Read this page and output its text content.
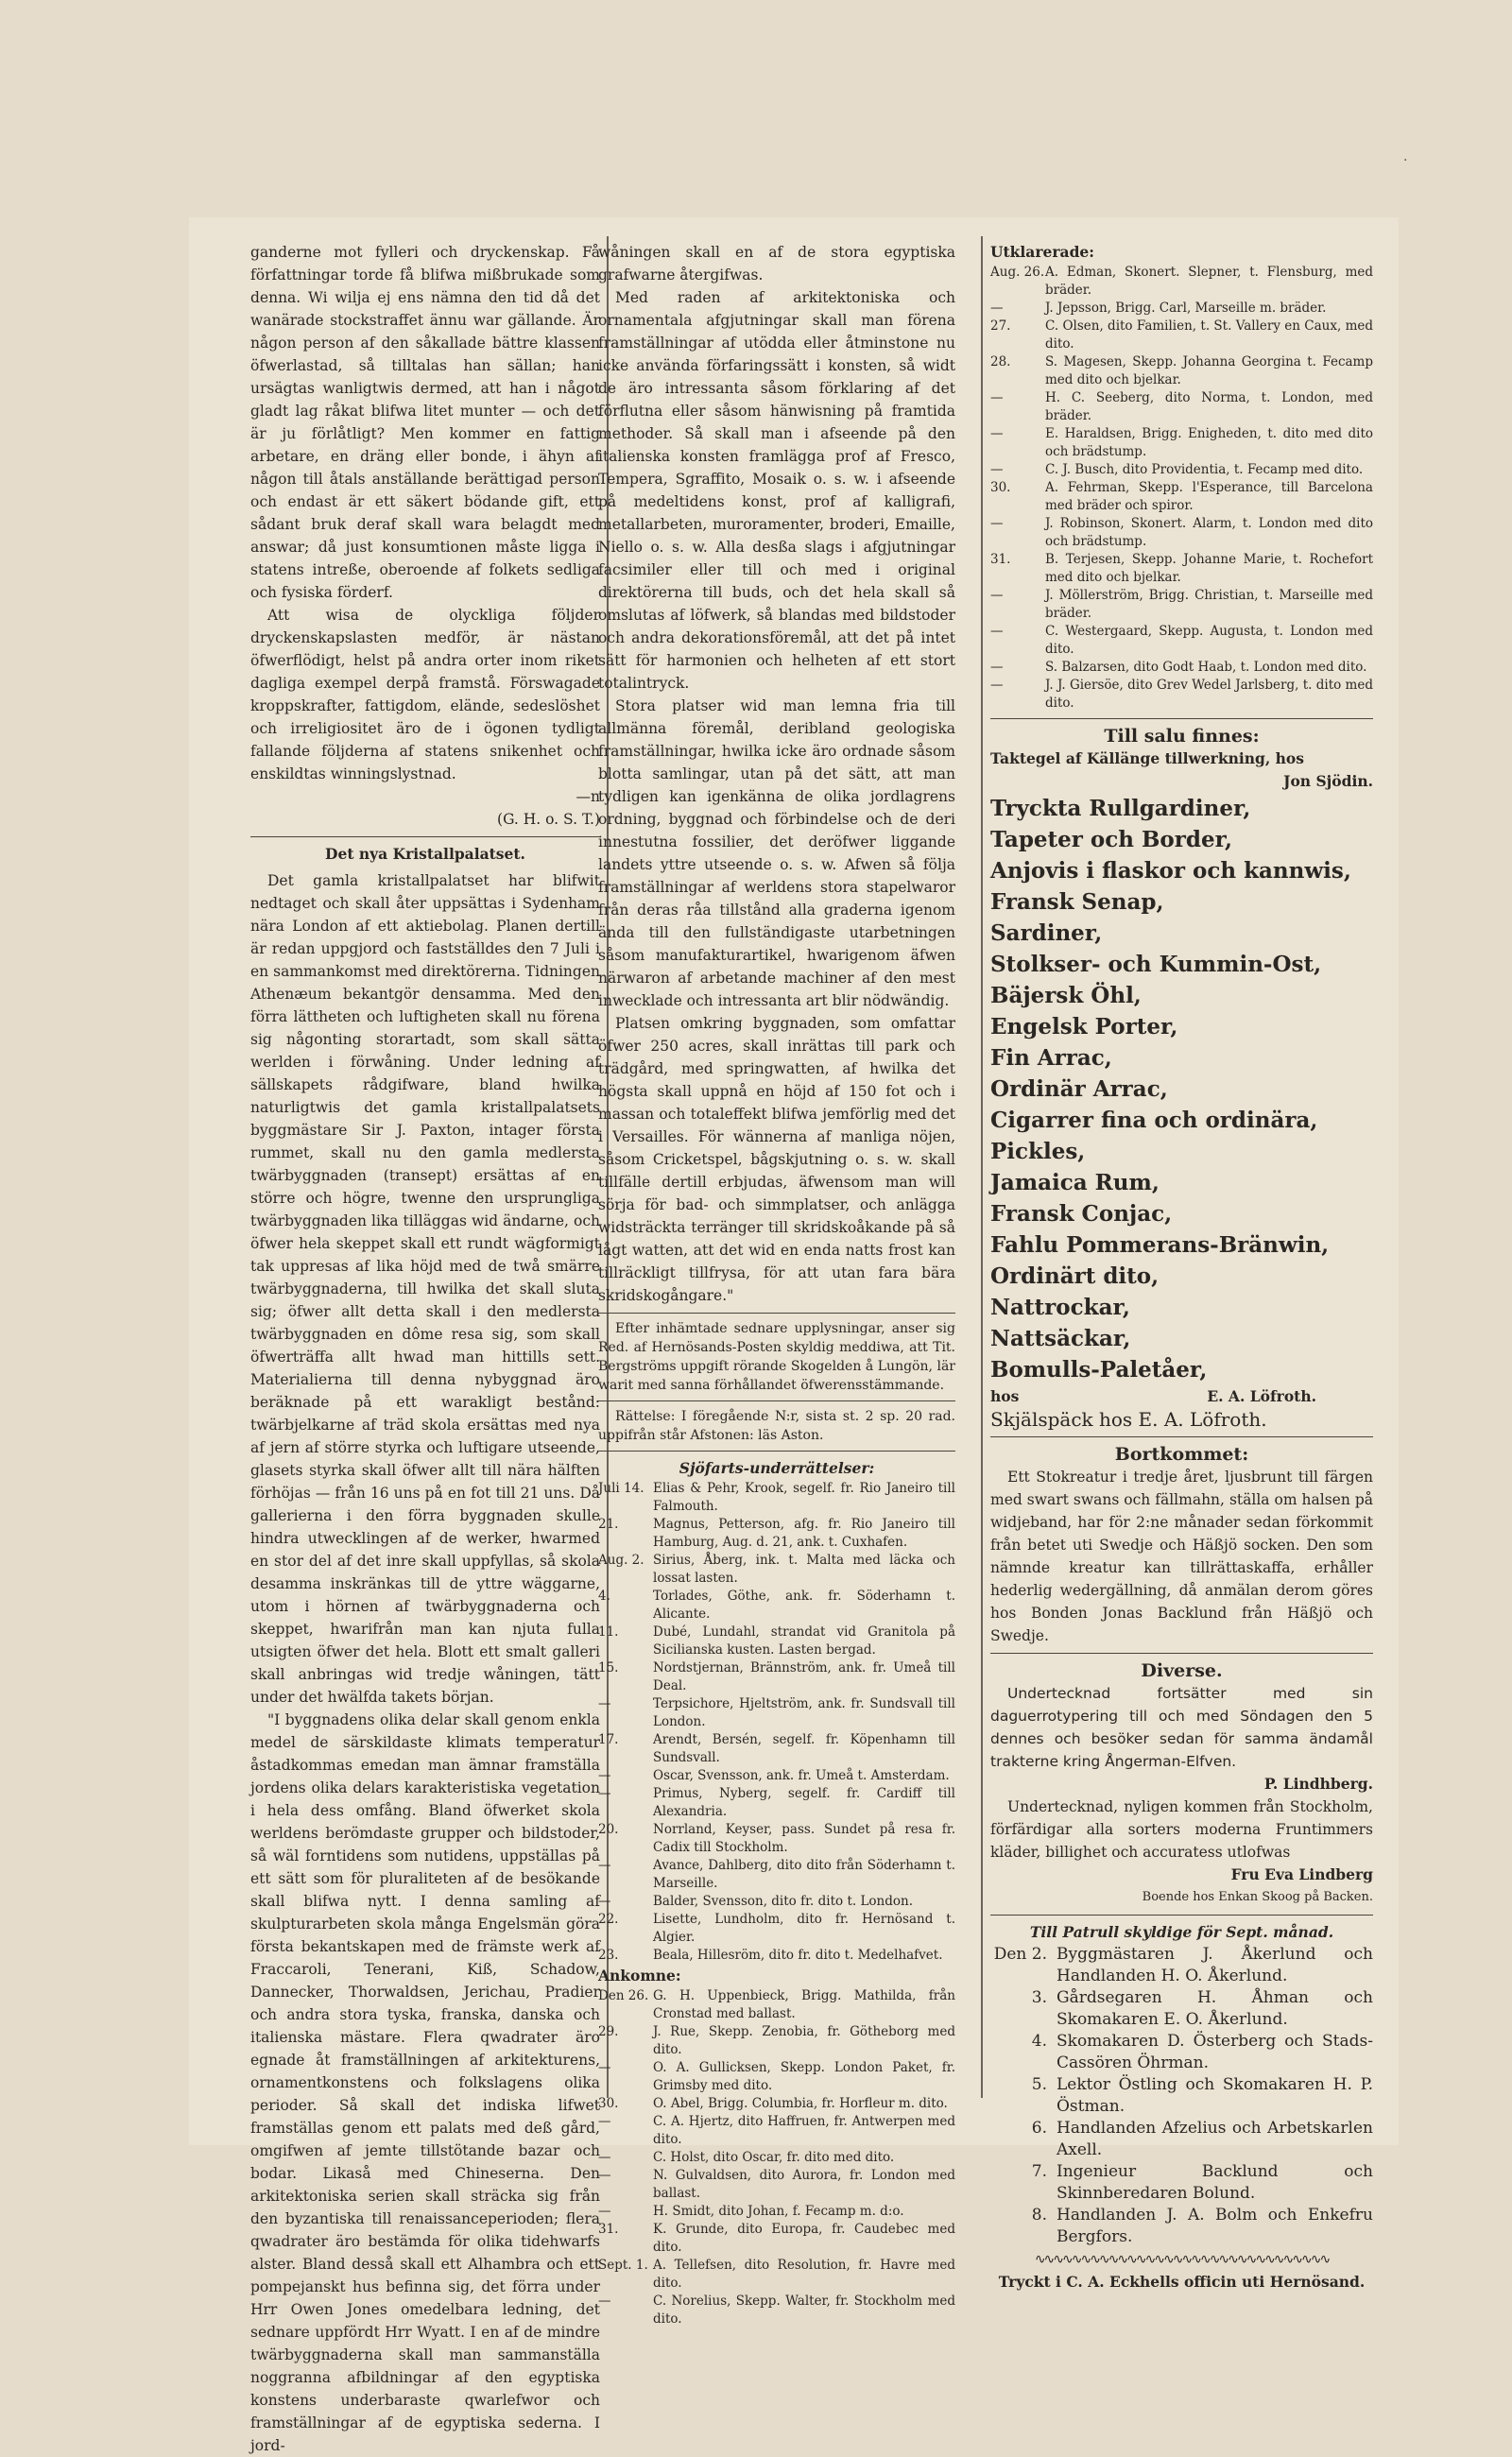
ganderne mot fylleri och dryckenskap. Få författningar torde få blifwa mißbrukade som denna. Wi wilja ej ens nämna den tid då det wanärade stockstraffet ännu war gällande. Är någon person af den såkallade bättre klassen öfwerlastad, så tilltalas han sällan; han ursägtas wanligtwis dermed, att han i något gladt lag råkat blifwa litet munter — och det är ju förlåtligt? Men kommer en fattig arbetare, en dräng eller bonde, i ähyn af någon till åtals anställande berättigad person och endast är ett säkert bödande gift, ett sådant bruk deraf skall wara belagdt med answar; då just konsumtionen måste ligga i statens intreße, oberoende af folkets sedliga och fysiska förderf.

Att wisa de olyckliga följder dryckenskapslasten medför, är nästan öfwerflödigt, helst på andra orter inom riket dagliga exempel derpå framstå. Förswagade kroppskrafter, fattigdom, elände, sedeslöshet och irreligiositet äro de i ögonen tydligt fallande följderna af statens snikenhet och enskildtas winningslystnad.

—n
(G. H. o. S. T.)
Det nya Kristallpalatset.

Det gamla kristallpalatset har blifwit nedtaget och skall åter uppsättas i Sydenham nära London af ett aktiebolag. Planen dertill är redan uppgjord och fastställdes den 7 Juli i en sammankomst med direktörerna. Tidningen Athenæum bekantgör densamma. Med den förra lättheten och luftigheten skall nu förena sig någonting storartadt, som skall sätta werlden i förwåning. Under ledning af sällskapets rådgifware, bland hwilka naturligtwis det gamla kristallpalatsets byggmästare Sir J. Paxton, intager första rummet, skall nu den gamla medlersta twärbyggnaden (transept) ersättas af en större och högre, twenne den ursprungliga twärbyggnaden lika tilläggas wid ändarne, och öfwer hela skeppet skall ett rundt wägformigt tak uppresas af lika höjd med de twå smärre twärbyggnaderna, till hwilka det skall sluta sig; öfwer allt detta skall i den medlersta twärbyggnaden en dôme resa sig, som skall öfwerträffa allt hwad man hittills sett. Materialierna till denna nybyggnad äro beräknade på ett warakligt bestånd: twärbjelkarne af träd skola ersättas med nya af jern af större styrka och luftigare utseende, glasets styrka skall öfwer allt till nära hälften förhöjas — från 16 uns på en fot till 21 uns. Då gallerierna i den förra byggnaden skulle hindra utwecklingen af de werker, hwarmed en stor del af det inre skall uppfyllas, så skola desamma inskränkas till de yttre wäggarne, utom i hörnen af twärbyggnaderna och skeppet, hwarifrån man kan njuta fulla utsigten öfwer det hela. Blott ett smalt galleri skall anbringas wid tredje wåningen, tätt under det hwälfda takets början.

"I byggnadens olika delar skall genom enkla medel de särskildaste klimats temperatur åstadkommas emedan man ämnar framställa jordens olika delars karakteristiska vegetation i hela dess omfång. Bland öfwerket skola werldens berömdaste grupper och bildstoder, så wäl forntidens som nutidens, uppställas på ett sätt som för pluraliteten af de besökande skall blifwa nytt. I denna samling af skulpturarbeten skola många Engelsmän göra första bekantskapen med de främste werk af Fraccaroli, Tenerani, Kiß, Schadow, Dannecker, Thorwaldsen, Jerichau, Pradier och andra stora tyska, franska, danska och italienska mästare. Flera qwadrater äro egnade åt framställningen af arkitekturens, ornamentkonstens och folkslagens olika perioder. Så skall det indiska lifwet framställas genom ett palats med deß gård, omgifwen af jemte tillstötande bazar och bodar. Likaså med Chineserna. Den arkitektoniska serien skall sträcka sig från den byzantiska till renaissanceperioden; flera qwadrater äro bestämda för olika tidehwarfs alster. Bland desså skall ett Alhambra och ett pompejanskt hus befinna sig, det förra under Hrr Owen Jones omedelbara ledning, det sednare uppfördt Hrr Wyatt. I en af de mindre twärbyggnaderna skall man sammanställa noggranna afbildningar af den egyptiska konstens underbaraste qwarlefwor och framställningar af de egyptiska sederna. I jord-

wåningen skall en af de stora egyptiska grafwarne återgifwas.

Med raden af arkitektoniska och ornamentala afgjutningar skall man förena framställningar af utödda eller åtminstone nu icke använda förfaringssätt i konsten, så widt de äro intressanta såsom förklaring af det förflutna eller såsom hänwisning på framtida methoder. Så skall man i afseende på den italienska konsten framlägga prof af Fresco, Tempera, Sgraffito, Mosaik o. s. w. i afseende på medeltidens konst, prof af kalligrafi, metallarbeten, muroramenter, broderi, Emaille, Niello o. s. w. Alla desßa slags i afgjutningar facsimiler eller till och med i original direktörerna till buds, och det hela skall så omslutas af löfwerk, så blandas med bildstoder och andra dekorationsföremål, att det på intet sätt för harmonien och helheten af ett stort totalintryck.

Stora platser wid man lemna fria till allmänna föremål, deribland geologiska framställningar, hwilka icke äro ordnade såsom blotta samlingar, utan på det sätt, att man tydligen kan igenkänna de olika jordlagrens ordning, byggnad och förbindelse och de deri innestutna fossilier, det deröfwer liggande landets yttre utseende o. s. w. Afwen så följa framställningar af werldens stora stapelwaror från deras råa tillstånd alla graderna igenom ända till den fullständigaste utarbetningen såsom manufakturartikel, hwarigenom äfwen närwaron af arbetande machiner af den mest inwecklade och intressanta art blir nödwändig.

Platsen omkring byggnaden, som omfattar öfwer 250 acres, skall inrättas till park och trädgård, med springwatten, af hwilka det högsta skall uppnå en höjd af 150 fot och i massan och totaleffekt blifwa jemförlig med det i Versailles. För wännerna af manliga nöjen, såsom Cricketspel, bågskjutning o. s. w. skall tillfälle dertill erbjudas, äfwensom man will sörja för bad- och simmplatser, och anlägga widsträckta terränger till skridskoåkande på så lågt watten, att det wid en enda natts frost kan tillräckligt tillfrysa, för att utan fara bära skridskogångare."

Efter inhämtade sednare upplysningar, anser sig Red. af Hernösands-Posten skyldig meddiwa, att Tit. Bergströms uppgift rörande Skogelden å Lungön, lär warit med sanna förhållandet öfwerensstämmande.

Rättelse: I föregående N:r, sista st. 2 sp. 20 rad. uppifrån står Afstonen: läs Aston.

Sjöfarts-underrättelser:
Juli 14. Elias & Pehr, Krook, segelf. fr. Rio Janeiro till Falmouth.
21.	Magnus, Petterson, afg. fr. Rio Janeiro till Hamburg, Aug. d. 21, ank. t. Cuxhafen.
Aug. 2. Sirius, Åberg, ink. t. Malta med läcka och lossat lasten.
4.	Torlades, Göthe, ank. fr. Söderhamn t. Alicante.
11.	Dubé, Lundahl, strandat vid Granitola på Sicilianska kusten. Lasten bergad.
15.	Nordstjernan, Brännström, ank. fr. Umeå till Deal.
—	Terpsichore, Hjeltström, ank. fr. Sundsvall till London.
17.	Arendt, Bersén, segelf. fr. Köpenhamn till Sundsvall.
—	Oscar, Svensson, ank. fr. Umeå t. Amsterdam.
—	Primus, Nyberg, segelf. fr. Cardiff till Alexandria.
20.	Norrland, Keyser, pass. Sundet på resa fr. Cadix till Stockholm.
—	Avance, Dahlberg, dito dito från Söderhamn t. Marseille.
—	Balder, Svensson, dito fr. dito t. London.
22.	Lisette, Lundholm, dito fr. Hernösand t. Algier.
23.	Beala, Hillesröm, dito fr. dito t. Medelhafvet.
Ankomne:
Den 26. G. H. Uppenbieck, Brigg. Mathilda, från Cronstad med ballast.
29.	J. Rue, Skepp. Zenobia, fr. Götheborg med dito.
—	O. A. Gullicksen, Skepp. London Paket, fr. Grimsby med dito.
30.	O. Abel, Brigg. Columbia, fr. Horfleur m. dito.
—	C. A. Hjertz, dito Haffruen, fr. Antwerpen med dito.
—	C. Holst, dito Oscar, fr. dito med dito.
—	N. Gulvaldsen, dito Aurora, fr. London med ballast.
—	H. Smidt, dito Johan, f. Fecamp m. d:o.
31.	K. Grunde, dito Europa, fr. Caudebec med dito.
Sept. 1. A. Tellefsen, dito Resolution, fr. Havre med dito.
—	C. Norelius, Skepp. Walter, fr. Stockholm med dito.
Utklarerade:
Aug. 26. A. Edman, Skonert. Slepner, t. Flensburg, med bräder.
—	J. Jepsson, Brigg. Carl, Marseille m. bräder.
27.	C. Olsen, dito Familien, t. St. Vallery en Caux, med dito.
28.	S. Magesen, Skepp. Johanna Georgina t. Fecamp med dito och bjelkar.
—	H. C. Seeberg, dito Norma, t. London, med bräder.
—	E. Haraldsen, Brigg. Enigheden, t. dito med dito och brädstump.
—	C. J. Busch, dito Providentia, t. Fecamp med dito.
30.	A. Fehrman, Skepp. l'Esperance, till Barcelona med bräder och spiror.
—	J. Robinson, Skonert. Alarm, t. London med dito och brädstump.
31.	B. Terjesen, Skepp. Johanne Marie, t. Rochefort med dito och bjelkar.
—	J. Möllerström, Brigg. Christian, t. Marseille med bräder.
—	C. Westergaard, Skepp. Augusta, t. London med dito.
—	S. Balzarsen, dito Godt Haab, t. London med dito.
—	J. J. Giersöe, dito Grev Wedel Jarlsberg, t. dito med dito.
Till salu finnes:
Taktegel af Källänge tillwerkning, hos
Jon Sjödin.
Tryckta Rullgardiner,
Tapeter och Border,
Anjovis i flaskor och kannwis,
Fransk Senap,
Sardiner,
Stolkser- och Kummin-Ost,
Bäjersk Öhl,
Engelsk Porter,
Fin Arrac,
Ordinär Arrac,
Cigarrer fina och ordinära,
Pickles,
Jamaica Rum,
Fransk Conjac,
Fahlu Pommerans-Bränwin,
Ordinärt dito,
Nattrockar,
Nattsäckar,
Bomulls-Paletåer,
hos	E. A. Löfroth.
Skjälspäck hos E. A. Löfroth.
Bortkommet:

Ett Stokreatur i tredje året, ljusbrunt till färgen med swart swans och fällmahn, ställa om halsen på widjeband, har för 2:ne månader sedan förkommit från betet uti Swedje och Häßjö socken. Den som nämnde kreatur kan tillrättaskaffa, erhåller hederlig wedergällning, då anmälan derom göres hos Bonden Jonas Backlund från Häßjö och Swedje.

Diverse.

Undertecknad fortsätter med sin daguerrotypering till och med Söndagen den 5 dennes och besöker sedan för samma ändamål trakterne kring Ångerman-Elfven.

P. Lindhberg.

Undertecknad, nyligen kommen från Stockholm, förfärdigar alla sorters moderna Fruntimmers kläder, billighet och accuratess utlofwas

Fru Eva Lindberg
Boende hos Enkan Skoog på Backen.
Till Patrull skyldige för Sept. månad.
Den 2. Byggmästaren J. Åkerlund och Handlanden H. O. Åkerlund.
3. Gårdsegaren H. Åhman och Skomakaren E. O. Åkerlund.
4. Skomakaren D. Österberg och Stads-Cassören Öhrman.
5. Lektor Östling och Skomakaren H. P. Östman.
6. Handlanden Afzelius och Arbetskarlen Axell.
7. Ingenieur Backlund och Skinnberedaren Bolund.
8. Handlanden J. A. Bolm och Enkefru Bergfors.
∿∿∿∿∿∿∿∿∿∿∿∿∿∿∿∿∿∿∿∿∿∿∿∿∿∿∿∿∿∿∿∿
Tryckt i C. A. Eckhells officin uti Hernösand.
·
